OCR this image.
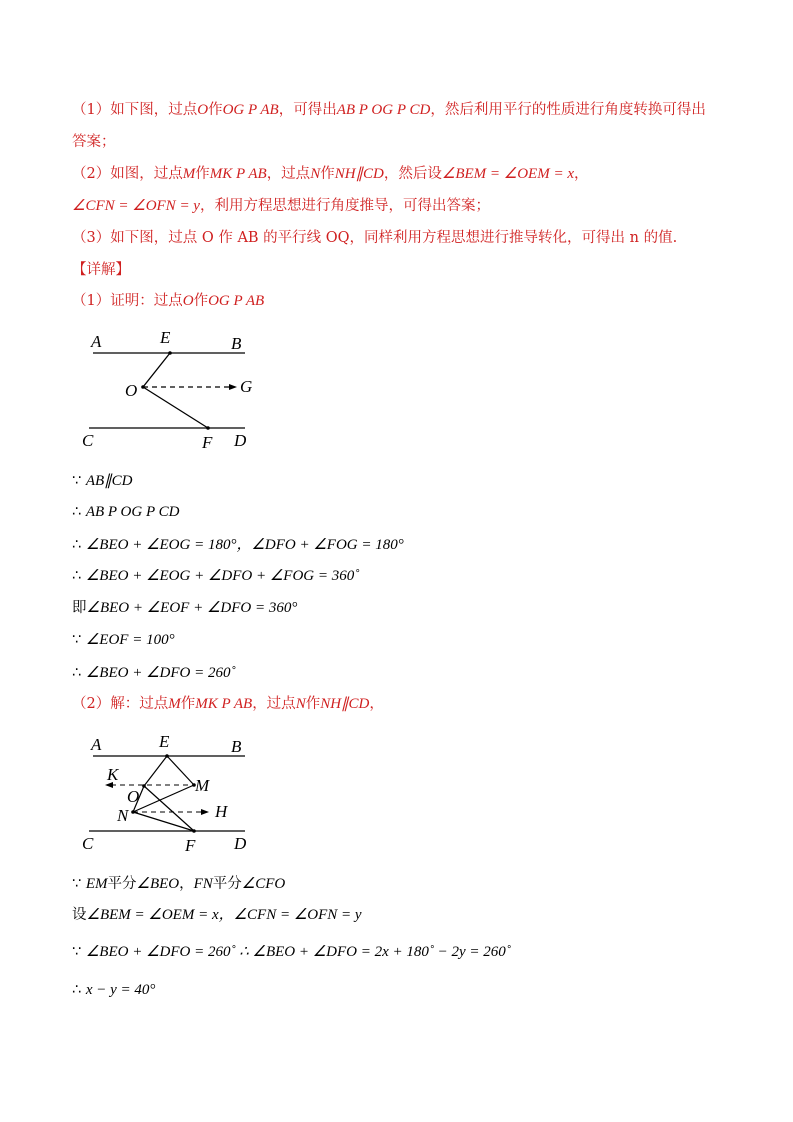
（1）如下图，过点O作OG P AB，可得出AB P OG P CD，然后利用平行的性质进行角度转换可得出
答案；
（2）如图，过点M作MK P AB，过点N作NH∥CD，然后设∠BEM = ∠OEM = x，
∠CFN = ∠OFN = y，利用方程思想进行角度推导，可得出答案；
（3）如下图，过点 O 作 AB 的平行线 OQ，同样利用方程思想进行推导转化，可得出 n 的值.
【详解】
（1）证明：过点O作OG P AB
A	E	B
O	G
C	F D
∵ AB∥CD
∴ AB P OG P CD
∴ ∠BEO + ∠EOG = 180°，∠DFO + ∠FOG = 180°
∴ ∠BEO + ∠EOG + ∠DFO + ∠FOG = 360˚
即∠BEO + ∠EOF + ∠DFO = 360°
∵ ∠EOF = 100°
∴ ∠BEO + ∠DFO = 260˚
（2）解：过点M作MK P AB，过点N作NH∥CD，
A	E	B
K
M
O
N	H
C	F D
∵ EM平分∠BEO，FN平分∠CFO
设∠BEM = ∠OEM = x，∠CFN = ∠OFN = y
∵ ∠BEO + ∠DFO = 260˚ ∴ ∠BEO + ∠DFO = 2x + 180˚ − 2y = 260˚
∴ x − y = 40°
